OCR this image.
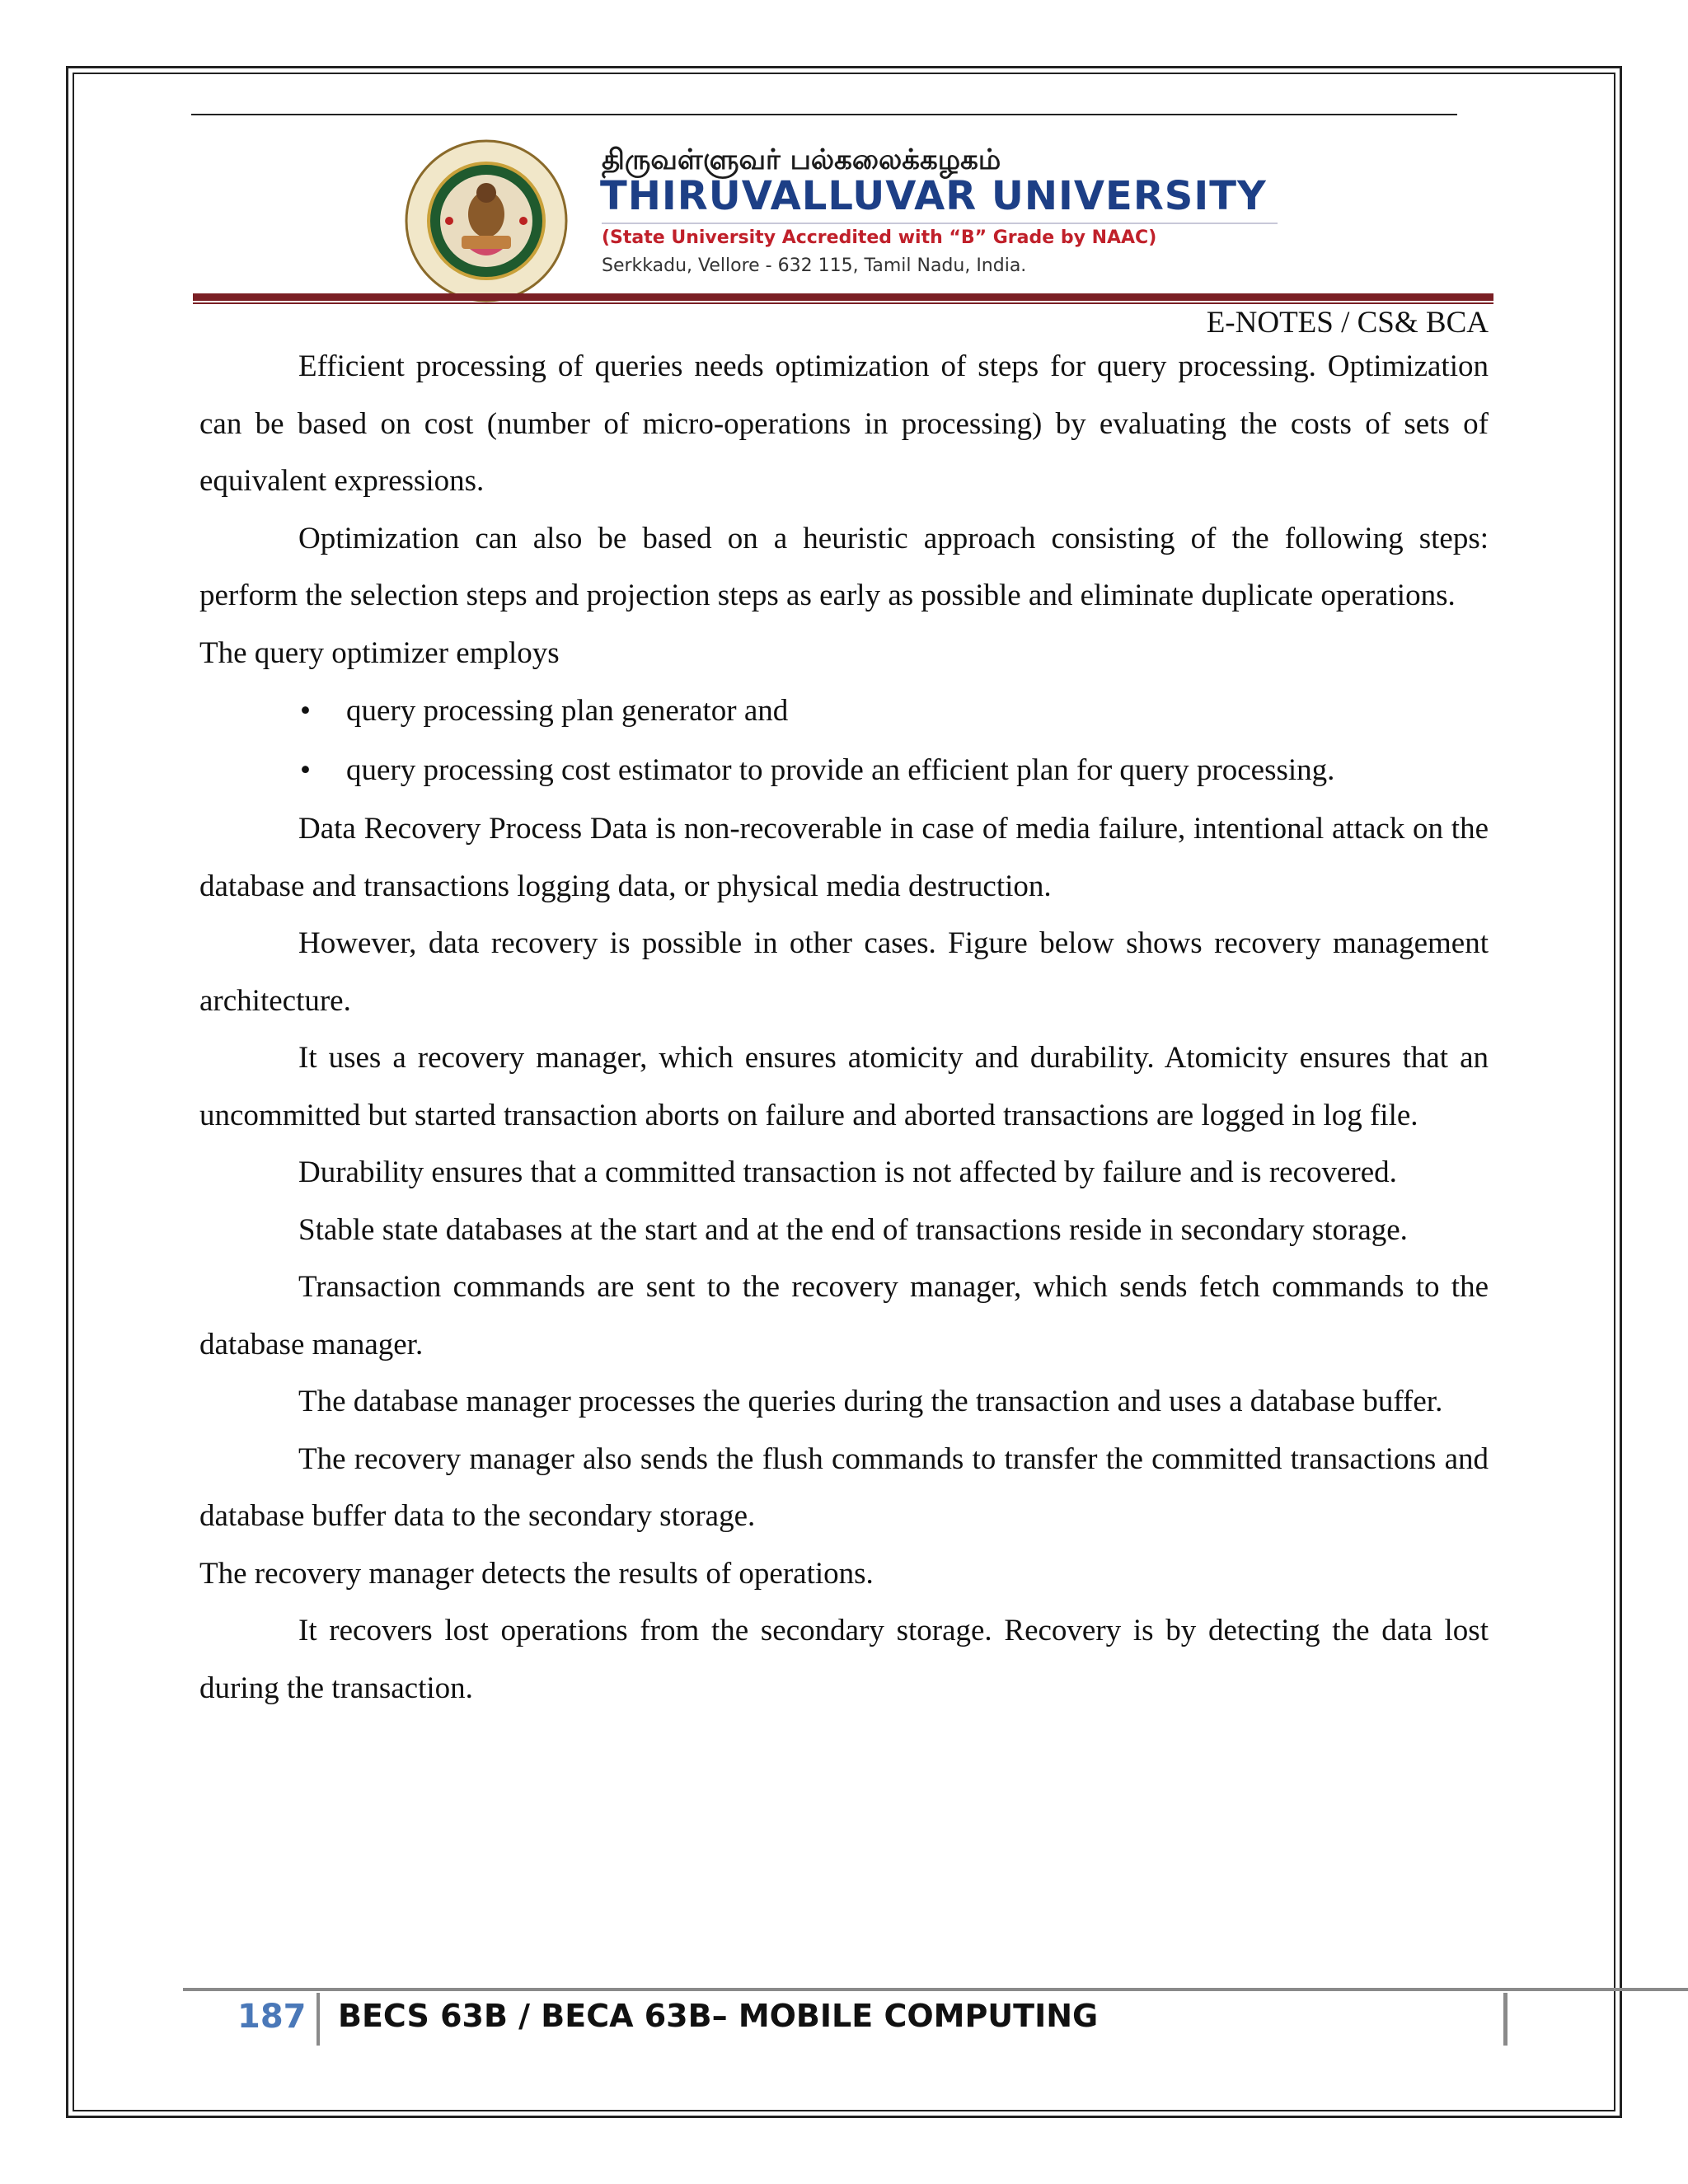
திருவள்ளுவர் பல்கலைக்கழகம்
THIRUVALLUVAR UNIVERSITY
(State University Accredited with “B” Grade by NAAC)
Serkkadu, Vellore - 632 115, Tamil Nadu, India.
E-NOTES / CS& BCA

Efficient processing of queries needs optimization of steps for query processing. Optimization can be based on cost (number of micro-operations in processing) by evaluating the costs of sets of equivalent expressions.

Optimization can also be based on a heuristic approach consisting of the following steps: perform the selection steps and projection steps as early as possible and eliminate duplicate operations.

The query optimizer employs

• query processing plan generator and
• query processing cost estimator to provide an efficient plan for query processing.

Data Recovery Process Data is non-recoverable in case of media failure, intentional attack on the database and transactions logging data, or physical media destruction.

However, data recovery is possible in other cases. Figure below shows recovery management architecture.

It uses a recovery manager, which ensures atomicity and durability. Atomicity ensures that an uncommitted but started transaction aborts on failure and aborted transactions are logged in log file.

Durability ensures that a committed transaction is not affected by failure and is recovered.

Stable state databases at the start and at the end of transactions reside in secondary storage.

Transaction commands are sent to the recovery manager, which sends fetch commands to the database manager.

The database manager processes the queries during the transaction and uses a database buffer.

The recovery manager also sends the flush commands to transfer the committed transactions and database buffer data to the secondary storage.

The recovery manager detects the results of operations.

It recovers lost operations from the secondary storage. Recovery is by detecting the data lost during the transaction.

187 BECS 63B / BECA 63B– MOBILE COMPUTING
